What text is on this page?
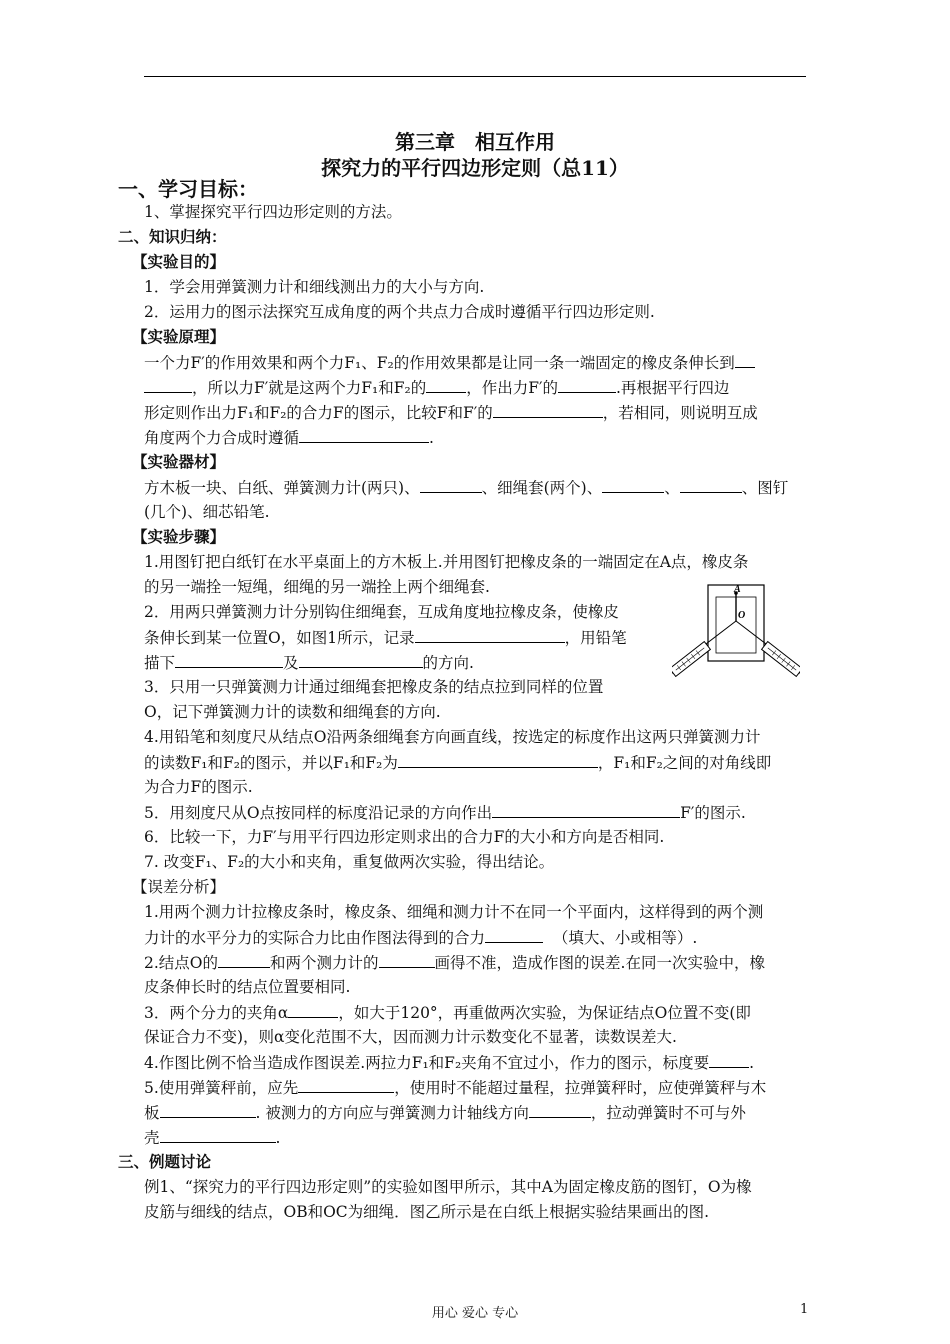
第三章　相互作用
探究力的平行四边形定则（总11）
一、学习目标：
1、掌握探究平行四边形定则的方法。
二、知识归纳：
【实验目的】
1．学会用弹簧测力计和细线测出力的大小与方向.
2．运用力的图示法探究互成角度的两个共点力合成时遵循平行四边形定则.
【实验原理】
一个力F′的作用效果和两个力F₁、F₂的作用效果都是让同一条一端固定的橡皮条伸长到
，所以力F′就是这两个力F₁和F₂的	，作出力F′的	.再根据平行四边
形定则作出力F₁和F₂的合力F的图示，比较F和F′的	，若相同，则说明互成
角度两个力合成时遵循	.
【实验器材】
方木板一块、白纸、弹簧测力计(两只)、	、细绳套(两个)、	、	、图钉
(几个)、细芯铅笔.
【实验步骤】
1.用图钉把白纸钉在水平桌面上的方木板上.并用图钉把橡皮条的一端固定在A点，橡皮条
的另一端拴一短绳，细绳的另一端拴上两个细绳套.
2．用两只弹簧测力计分别钩住细绳套，互成角度地拉橡皮条，使橡皮
条伸长到某一位置O，如图1所示，记录	，用铅笔
描下	及	的方向.
3．只用一只弹簧测力计通过细绳套把橡皮条的结点拉到同样的位置
O，记下弹簧测力计的读数和细绳套的方向.
4.用铅笔和刻度尺从结点O沿两条细绳套方向画直线，按选定的标度作出这两只弹簧测力计
的读数F₁和F₂的图示，并以F₁和F₂为	，F₁和F₂之间的对角线即
为合力F的图示.
5．用刻度尺从O点按同样的标度沿记录的方向作出	F′的图示.
6．比较一下，力F′与用平行四边形定则求出的合力F的大小和方向是否相同.
7. 改变F₁、F₂的大小和夹角，重复做两次实验，得出结论。
A
O
【误差分析】
1.用两个测力计拉橡皮条时，橡皮条、细绳和测力计不在同一个平面内，这样得到的两个测
力计的水平分力的实际合力比由作图法得到的合力	（填大、小或相等）.
2.结点O的	和两个测力计的	画得不准，造成作图的误差.在同一次实验中，橡
皮条伸长时的结点位置要相同.
3．两个分力的夹角α	，如大于120°，再重做两次实验，为保证结点O位置不变(即
保证合力不变)，则α变化范围不大，因而测力计示数变化不显著，读数误差大.
4.作图比例不恰当造成作图误差.两拉力F₁和F₂夹角不宜过小，作力的图示，标度要	.
5.使用弹簧秤前，应先	，使用时不能超过量程，拉弹簧秤时，应使弹簧秤与木
板	. 被测力的方向应与弹簧测力计轴线方向	，拉动弹簧时不可与外
壳	.
三、例题讨论
例1、“探究力的平行四边形定则”的实验如图甲所示，其中A为固定橡皮筋的图钉，O为橡
皮筋与细线的结点，OB和OC为细绳．图乙所示是在白纸上根据实验结果画出的图.
用心 爱心 专心	1
